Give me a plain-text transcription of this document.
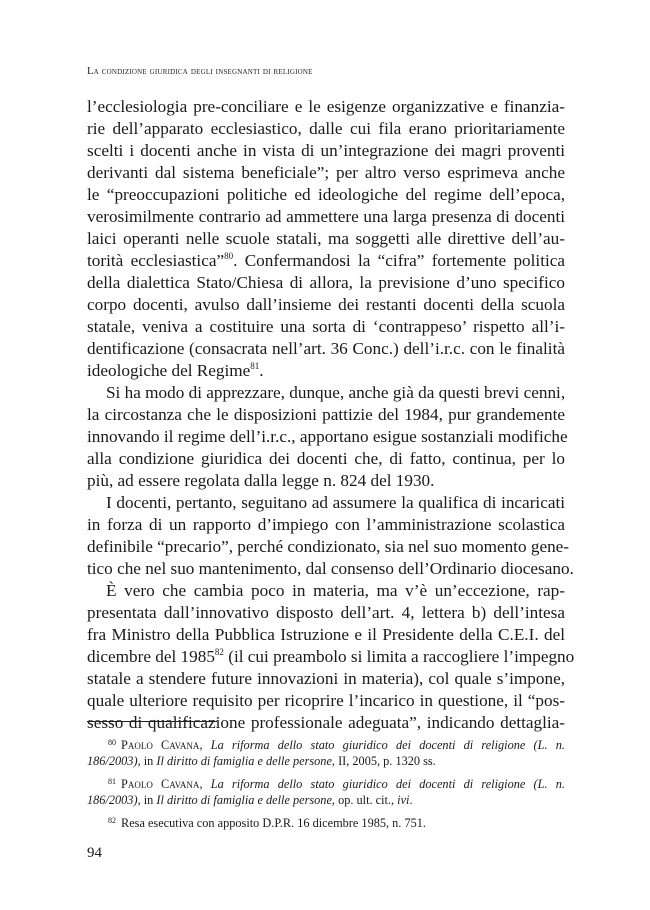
La condizione giuridica degli insegnanti di religione
l’ecclesiologia pre-conciliare e le esigenze organizzative e finanzia-
rie dell’apparato ecclesiastico, dalle cui fila erano prioritariamente
scelti i docenti anche in vista di un’integrazione dei magri proventi
derivanti dal sistema beneficiale”; per altro verso esprimeva anche
le “preoccupazioni politiche ed ideologiche del regime dell’epoca,
verosimilmente contrario ad ammettere una larga presenza di docenti
laici operanti nelle scuole statali, ma soggetti alle direttive dell’au-
torità ecclesiastica”$^{80}$. Confermandosi la “cifra” fortemente politica
della dialettica Stato/Chiesa di allora, la previsione d’uno specifico
corpo docenti, avulso dall’insieme dei restanti docenti della scuola
statale, veniva a costituire una sorta di ‘contrappeso’ rispetto all’i-
dentificazione (consacrata nell’art. 36 Conc.) dell’i.r.c. con le finalità
ideologiche del Regime$^{81}$.
Si ha modo di apprezzare, dunque, anche già da questi brevi cenni,
la circostanza che le disposizioni pattizie del 1984, pur grandemente
innovando il regime dell’i.r.c., apportano esigue sostanziali modifiche
alla condizione giuridica dei docenti che, di fatto, continua, per lo
più, ad essere regolata dalla legge n. 824 del 1930.
I docenti, pertanto, seguitano ad assumere la qualifica di incaricati
in forza di un rapporto d’impiego con l’amministrazione scolastica
definibile “precario”, perché condizionato, sia nel suo momento gene-
tico che nel suo mantenimento, dal consenso dell’Ordinario diocesano.
È vero che cambia poco in materia, ma v’è un’eccezione, rap-
presentata dall’innovativo disposto dell’art. 4, lettera b) dell’intesa
fra Ministro della Pubblica Istruzione e il Presidente della C.E.I. del
dicembre del 1985$^{82}$ (il cui preambolo si limita a raccogliere l’impegno
statale a stendere future innovazioni in materia), col quale s’impone,
quale ulteriore requisito per ricoprire l’incarico in questione, il “pos-
sesso di qualificazione professionale adeguata”, indicando dettaglia-
$^{80}$ Paolo Cavana, La riforma dello stato giuridico dei docenti di religione (L. n.
186/2003), in Il diritto di famiglia e delle persone, II, 2005, p. 1320 ss.
$^{81}$ Paolo Cavana, La riforma dello stato giuridico dei docenti di religione (L. n.
186/2003), in Il diritto di famiglia e delle persone, op. ult. cit., ivi.
$^{82}$ Resa esecutiva con apposito D.P.R. 16 dicembre 1985, n. 751.
94
